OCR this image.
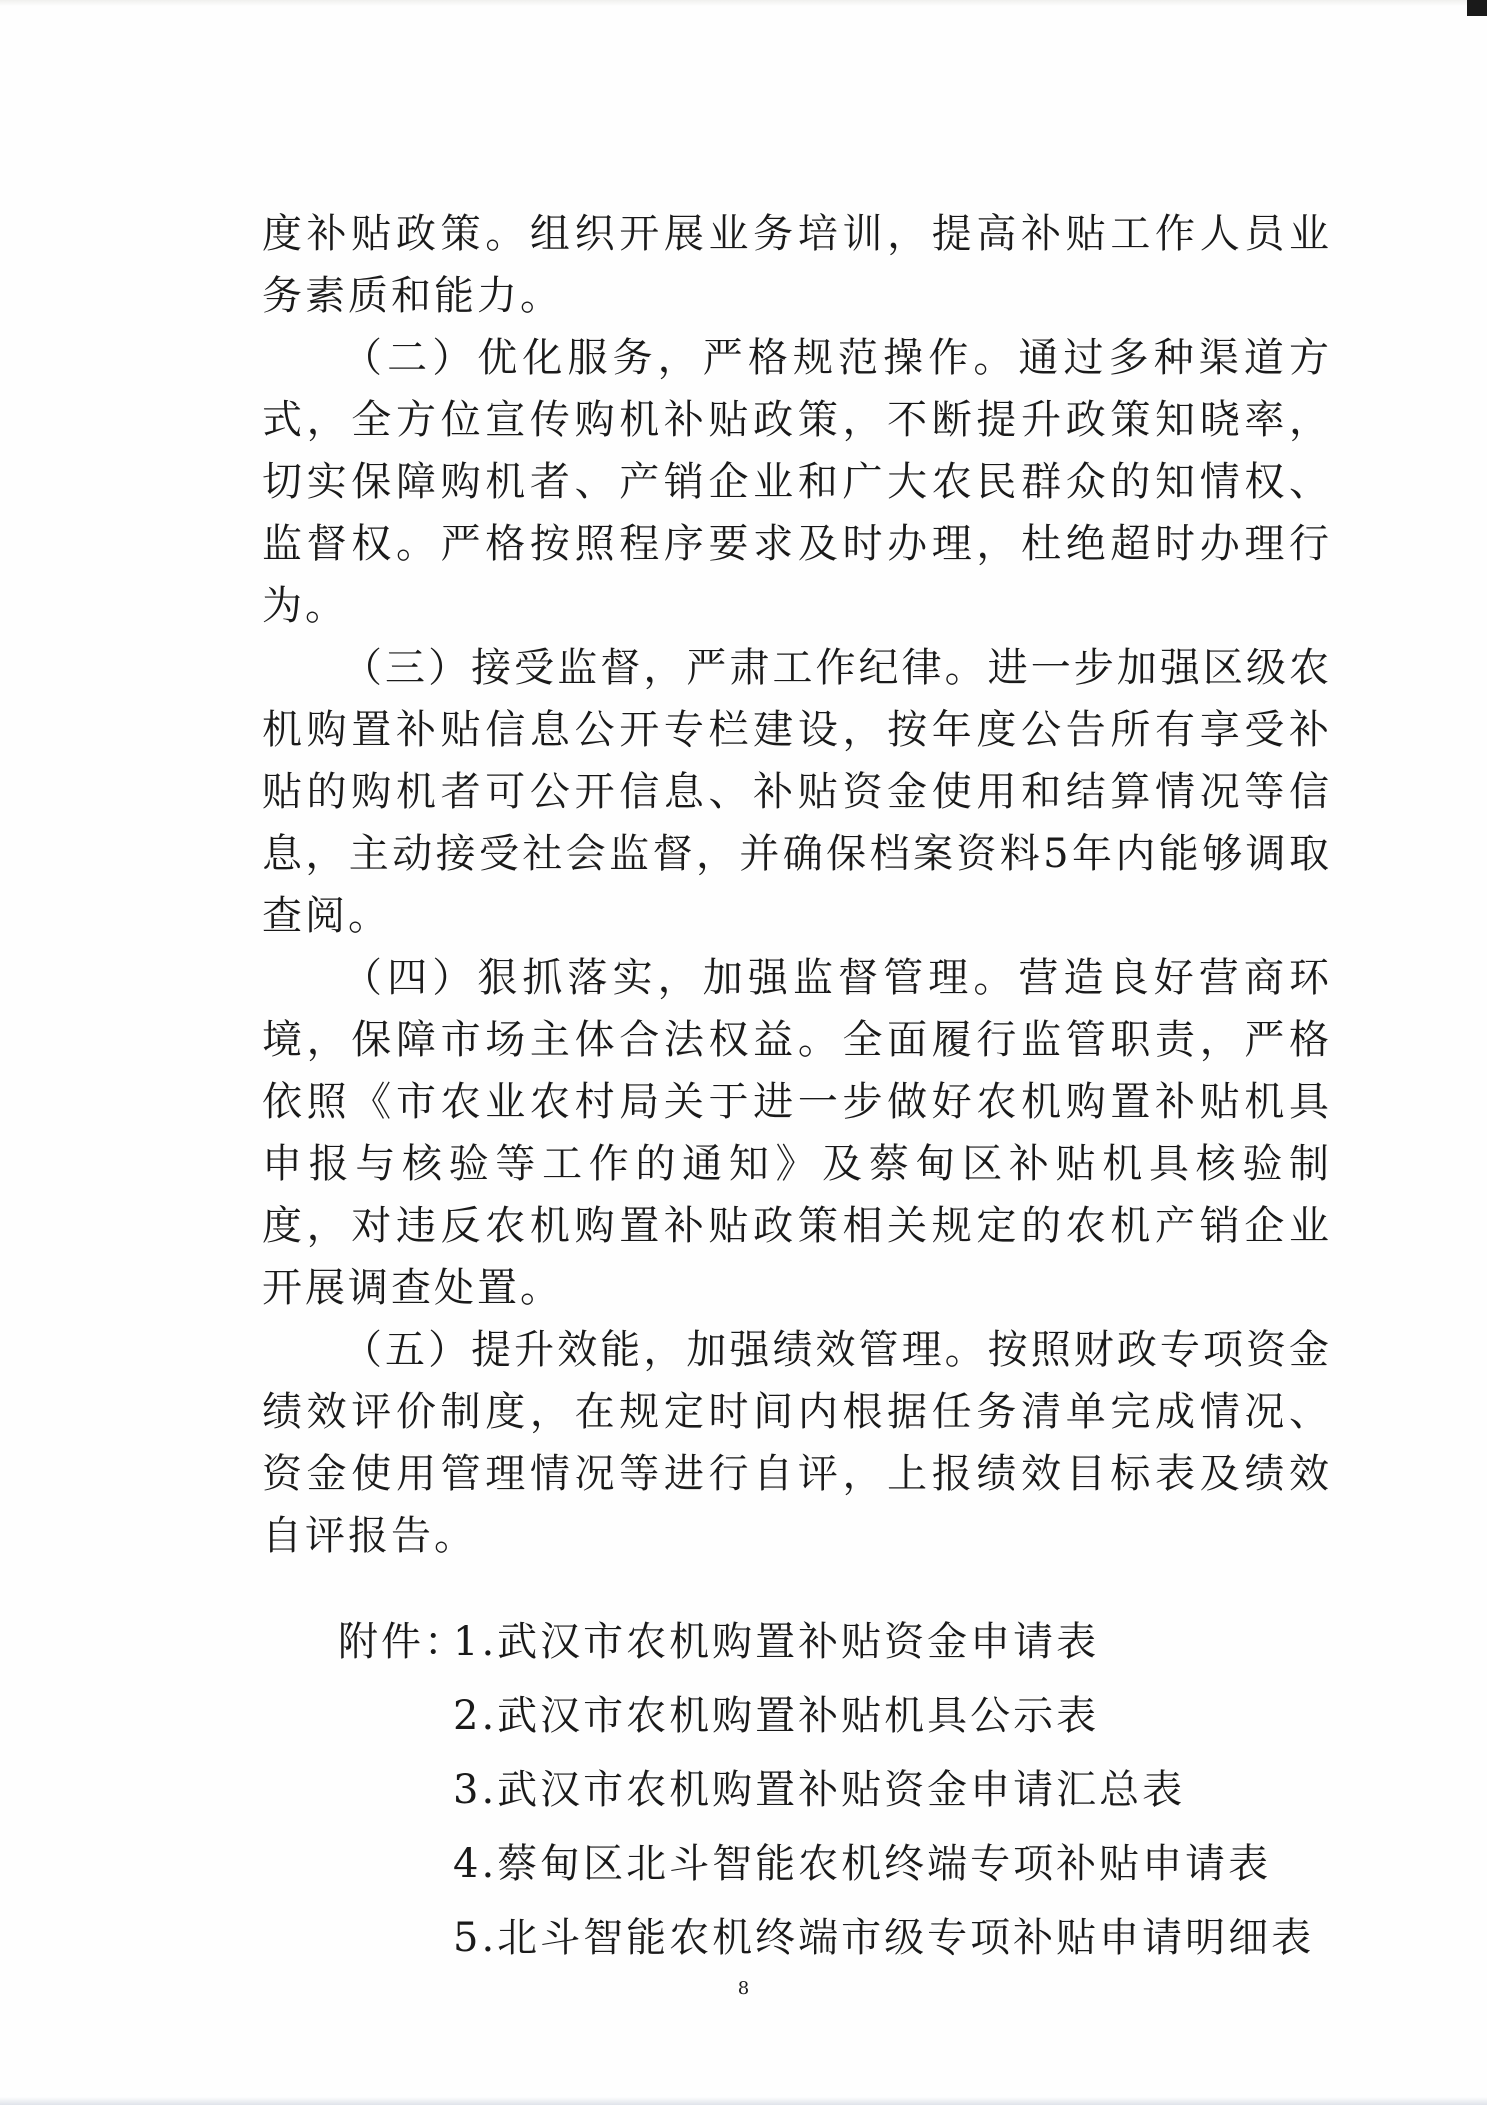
度补贴政策。组织开展业务培训，提高补贴工作人员业务素质和能力。

（二）优化服务，严格规范操作。通过多种渠道方式，全方位宣传购机补贴政策，不断提升政策知晓率，切实保障购机者、产销企业和广大农民群众的知情权、监督权。严格按照程序要求及时办理，杜绝超时办理行为。

（三）接受监督，严肃工作纪律。进一步加强区级农机购置补贴信息公开专栏建设，按年度公告所有享受补贴的购机者可公开信息、补贴资金使用和结算情况等信息，主动接受社会监督，并确保档案资料5年内能够调取查阅。

（四）狠抓落实，加强监督管理。营造良好营商环境，保障市场主体合法权益。全面履行监管职责，严格依照《市农业农村局关于进一步做好农机购置补贴机具申报与核验等工作的通知》及蔡甸区补贴机具核验制度，对违反农机购置补贴政策相关规定的农机产销企业开展调查处置。

（五）提升效能，加强绩效管理。按照财政专项资金绩效评价制度，在规定时间内根据任务清单完成情况、资金使用管理情况等进行自评，上报绩效目标表及绩效自评报告。

附件：
1.武汉市农机购置补贴资金申请表
2.武汉市农机购置补贴机具公示表
3.武汉市农机购置补贴资金申请汇总表
4.蔡甸区北斗智能农机终端专项补贴申请表
5.北斗智能农机终端市级专项补贴申请明细表
8
